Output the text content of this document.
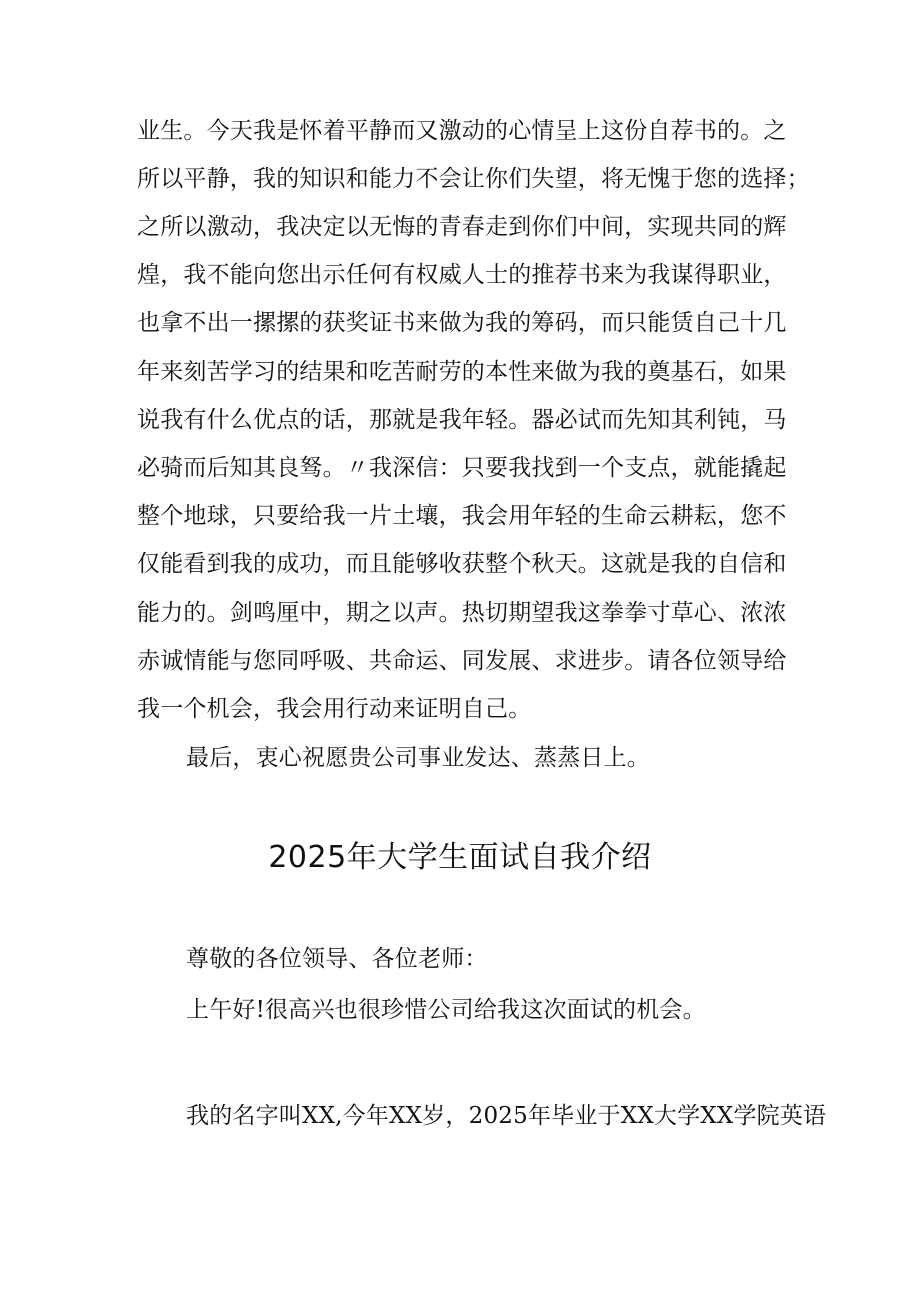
业生。今天我是怀着平静而又激动的心情呈上这份自荐书的。之
所以平静，我的知识和能力不会让你们失望，将无愧于您的选择；
之所以激动，我决定以无悔的青春走到你们中间，实现共同的辉
煌，我不能向您出示任何有权威人士的推荐书来为我谋得职业，
也拿不出一摞摞的获奖证书来做为我的筹码，而只能赁自己十几
年来刻苦学习的结果和吃苦耐劳的本性来做为我的奠基石，如果
说我有什么优点的话，那就是我年轻。器必试而先知其利钝，马
必骑而后知其良驽。〃我深信：只要我找到一个支点，就能撬起
整个地球，只要给我一片土壤，我会用年轻的生命云耕耘，您不
仅能看到我的成功，而且能够收获整个秋天。这就是我的自信和
能力的。剑鸣厘中，期之以声。热切期望我这拳拳寸草心、浓浓
赤诚情能与您同呼吸、共命运、同发展、求进步。请各位领导给
我一个机会，我会用行动来证明自己。
最后，衷心祝愿贵公司事业发达、蒸蒸日上。
2025年大学生面试自我介绍
尊敬的各位领导、各位老师：
上午好!很高兴也很珍惜公司给我这次面试的机会。
我的名字叫XX,今年XX岁，2025年毕业于XX大学XX学院英语
